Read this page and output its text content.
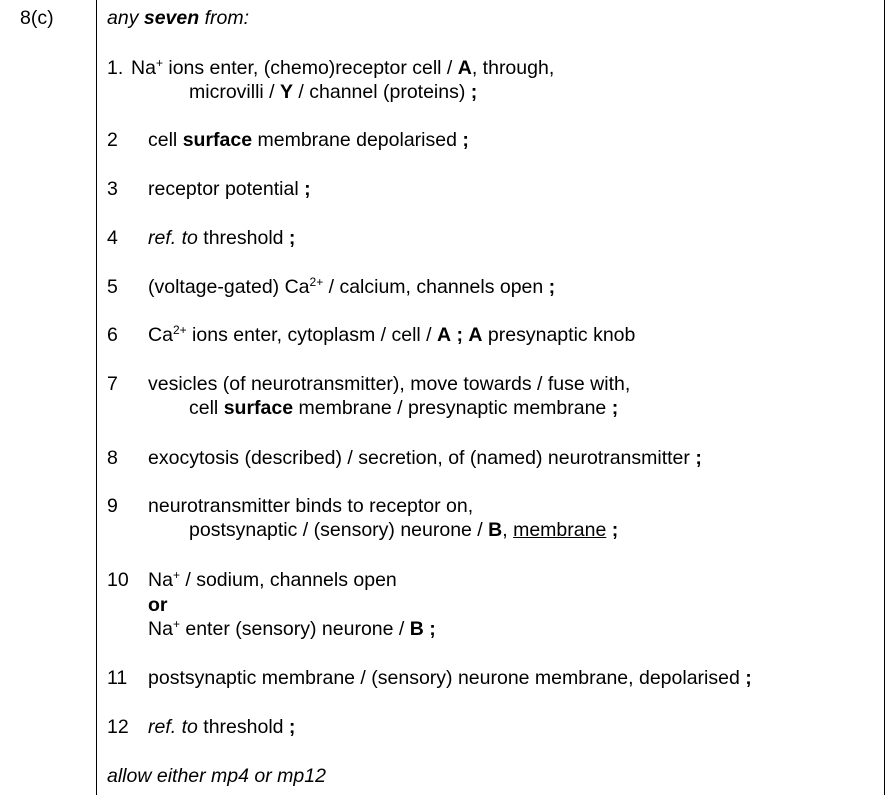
8(c)	any seven from:
1. Na+ ions enter, (chemo)receptor cell / A, through,
microvilli / Y / channel (proteins) ;
2 cell surface membrane depolarised ;
3 receptor potential ;
4 ref. to threshold ;
5 (voltage-gated) $Ca^{2+}$ / calcium, channels open ;
6 $Ca^{2+}$ ions enter, cytoplasm / cell / A ; A presynaptic knob
7 vesicles (of neurotransmitter), move towards / fuse with,
cell surface membrane / presynaptic membrane ;
8 exocytosis (described) / secretion, of (named) neurotransmitter ;
9 neurotransmitter binds to receptor on,
postsynaptic / (sensory) neurone / B, membrane ;
10 Na+ / sodium, channels open
or
Na+ enter (sensory) neurone / B ;
11 postsynaptic membrane / (sensory) neurone membrane, depolarised ;
12 ref. to threshold ;
allow either mp4 or mp12
